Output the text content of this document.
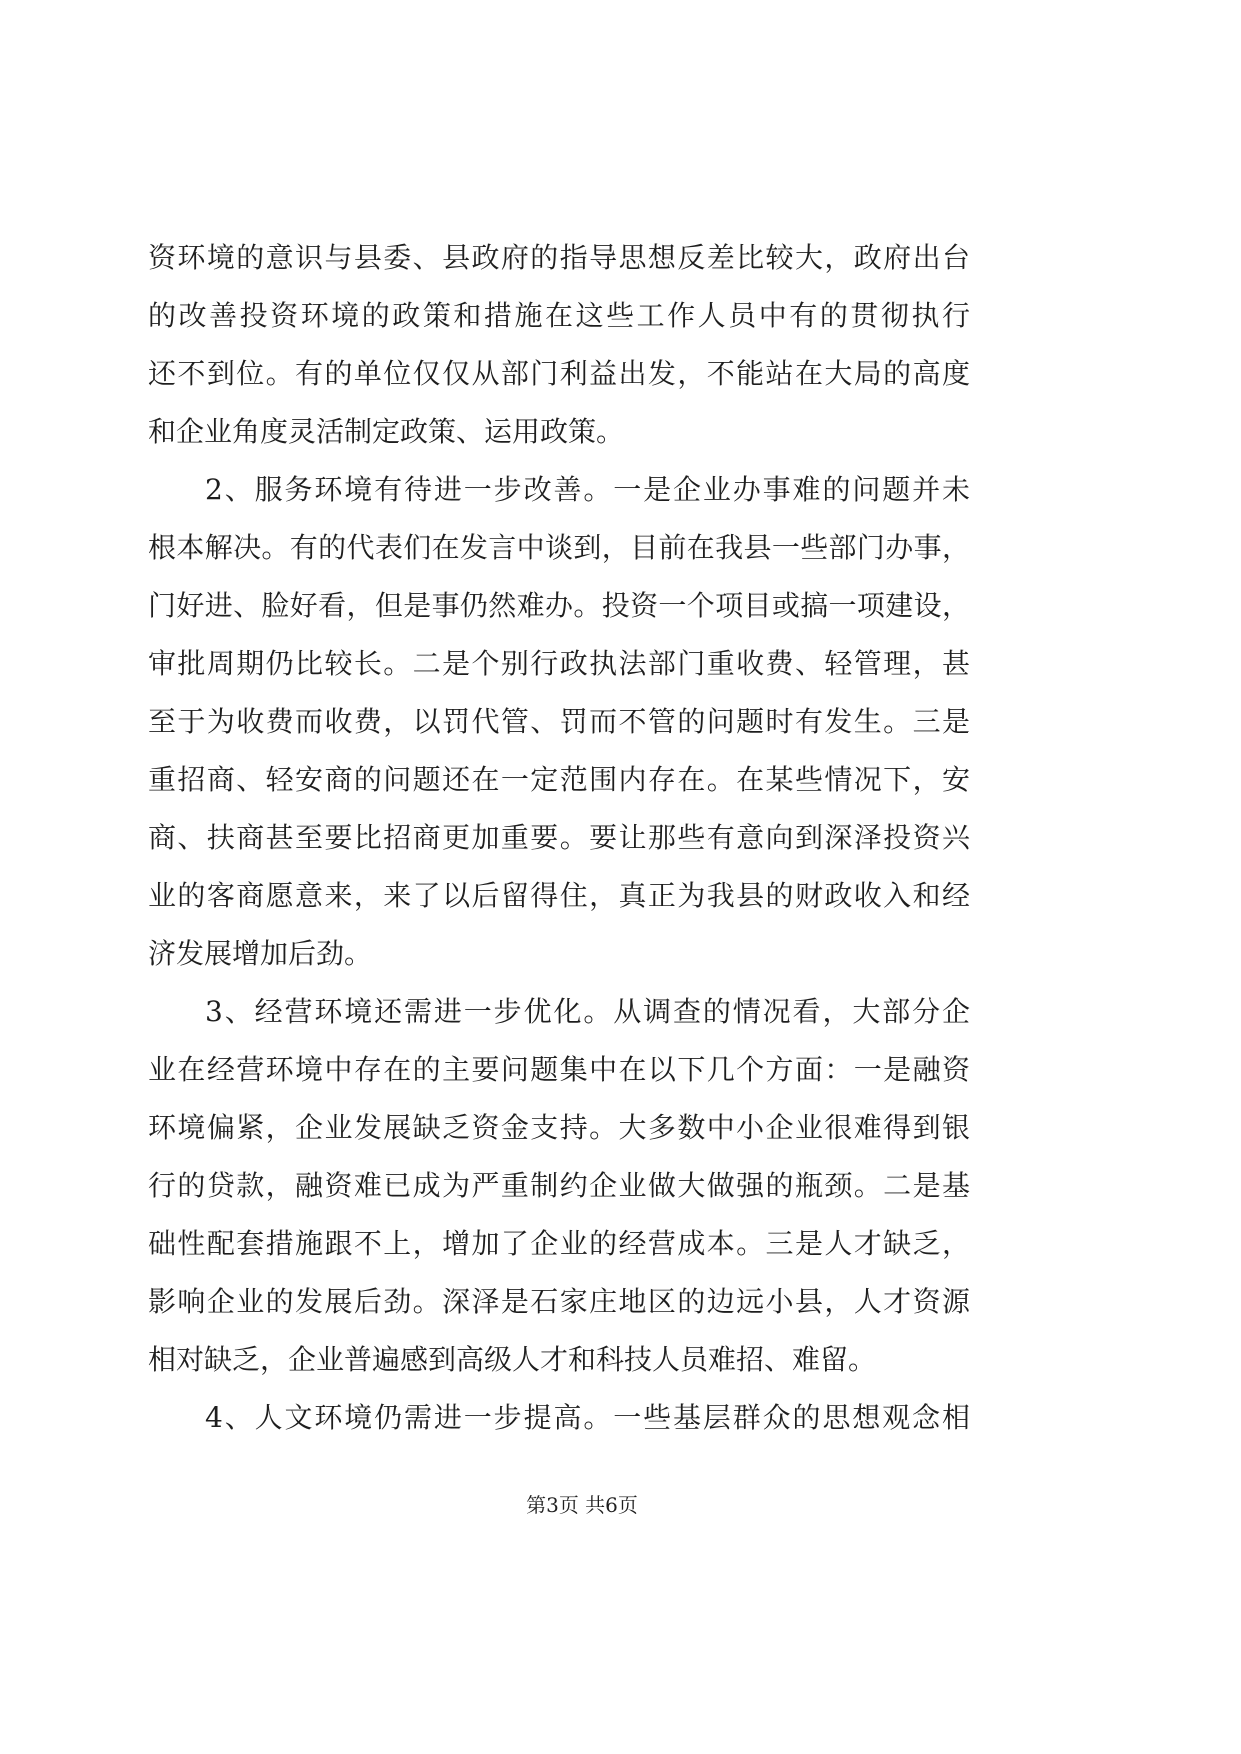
资环境的意识与县委、县政府的指导思想反差比较大，政府出台
的改善投资环境的政策和措施在这些工作人员中有的贯彻执行
还不到位。有的单位仅仅从部门利益出发，不能站在大局的高度
和企业角度灵活制定政策、运用政策。
2、服务环境有待进一步改善。一是企业办事难的问题并未
根本解决。有的代表们在发言中谈到，目前在我县一些部门办事，
门好进、脸好看，但是事仍然难办。投资一个项目或搞一项建设，
审批周期仍比较长。二是个别行政执法部门重收费、轻管理，甚
至于为收费而收费，以罚代管、罚而不管的问题时有发生。三是
重招商、轻安商的问题还在一定范围内存在。在某些情况下，安
商、扶商甚至要比招商更加重要。要让那些有意向到深泽投资兴
业的客商愿意来，来了以后留得住，真正为我县的财政收入和经
济发展增加后劲。
3、经营环境还需进一步优化。从调查的情况看，大部分企
业在经营环境中存在的主要问题集中在以下几个方面：一是融资
环境偏紧，企业发展缺乏资金支持。大多数中小企业很难得到银
行的贷款，融资难已成为严重制约企业做大做强的瓶颈。二是基
础性配套措施跟不上，增加了企业的经营成本。三是人才缺乏，
影响企业的发展后劲。深泽是石家庄地区的边远小县，人才资源
相对缺乏，企业普遍感到高级人才和科技人员难招、难留。
4、人文环境仍需进一步提高。一些基层群众的思想观念相
第3页 共6页
